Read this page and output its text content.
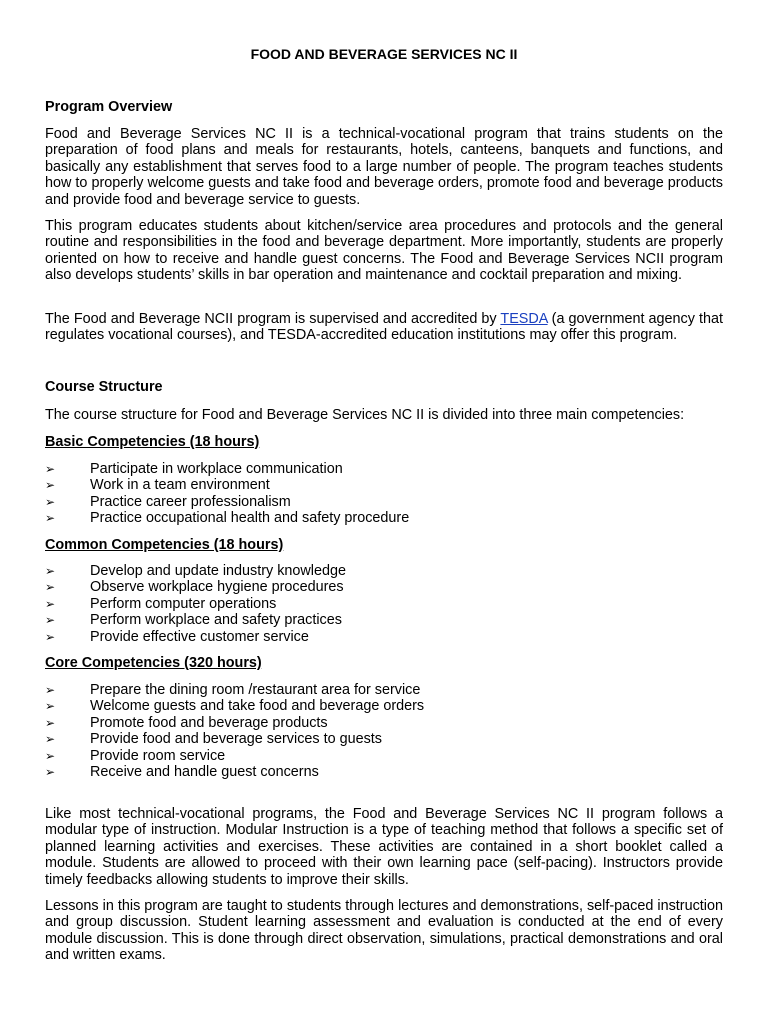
FOOD AND BEVERAGE SERVICES NC II
Program Overview
Food and Beverage Services NC II is a technical-vocational program that trains students on the preparation of food plans and meals for restaurants, hotels, canteens, banquets and functions, and basically any establishment that serves food to a large number of people. The program teaches students how to properly welcome guests and take food and beverage orders, promote food and beverage products and provide food and beverage service to guests.
This program educates students about kitchen/service area procedures and protocols and the general routine and responsibilities in the food and beverage department. More importantly, students are properly oriented on how to receive and handle guest concerns. The Food and Beverage Services NCII program also develops students’ skills in bar operation and maintenance and cocktail preparation and mixing.
The Food and Beverage NCII program is supervised and accredited by TESDA (a government agency that regulates vocational courses), and TESDA-accredited education institutions may offer this program.
Course Structure
The course structure for Food and Beverage Services NC II is divided into three main competencies:
Basic Competencies (18 hours)
➢ Participate in workplace communication
➢ Work in a team environment
➢ Practice career professionalism
➢ Practice occupational health and safety procedure
Common Competencies (18 hours)
➢ Develop and update industry knowledge
➢ Observe workplace hygiene procedures
➢ Perform computer operations
➢ Perform workplace and safety practices
➢ Provide effective customer service
Core Competencies (320 hours)
➢ Prepare the dining room /restaurant area for service
➢ Welcome guests and take food and beverage orders
➢ Promote food and beverage products
➢ Provide food and beverage services to guests
➢ Provide room service
➢ Receive and handle guest concerns
Like most technical-vocational programs, the Food and Beverage Services NC II program follows a modular type of instruction. Modular Instruction is a type of teaching method that follows a specific set of planned learning activities and exercises. These activities are contained in a short booklet called a module. Students are allowed to proceed with their own learning pace (self-pacing). Instructors provide timely feedbacks allowing students to improve their skills.
Lessons in this program are taught to students through lectures and demonstrations, self-paced instruction and group discussion. Student learning assessment and evaluation is conducted at the end of every module discussion. This is done through direct observation, simulations, practical demonstrations and oral and written exams.
